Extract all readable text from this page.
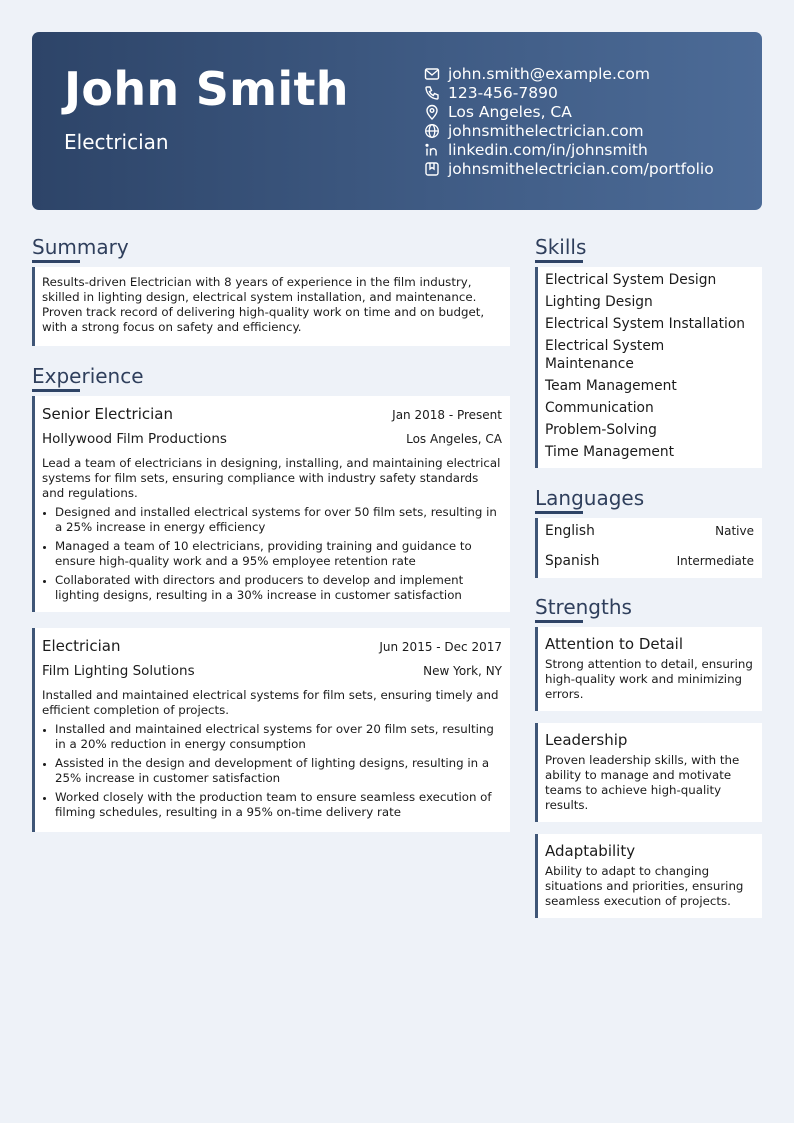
John Smith
Electrician
john.smith@example.com
123-456-7890
Los Angeles, CA
johnsmithelectrician.com
linkedin.com/in/johnsmith
johnsmithelectrician.com/portfolio
Summary

Results-driven Electrician with 8 years of experience in the film industry, skilled in lighting design, electrical system installation, and maintenance. Proven track record of delivering high-quality work on time and on budget, with a strong focus on safety and efficiency.

Experience
Senior Electrician	Jan 2018 - Present
Hollywood Film Productions	Los Angeles, CA

Lead a team of electricians in designing, installing, and maintaining electrical systems for film sets, ensuring compliance with industry safety standards and regulations.

Designed and installed electrical systems for over 50 film sets, resulting in a 25% increase in energy efficiency
Managed a team of 10 electricians, providing training and guidance to ensure high-quality work and a 95% employee retention rate
Collaborated with directors and producers to develop and implement lighting designs, resulting in a 30% increase in customer satisfaction
Electrician	Jun 2015 - Dec 2017
Film Lighting Solutions	New York, NY

Installed and maintained electrical systems for film sets, ensuring timely and efficient completion of projects.

Installed and maintained electrical systems for over 20 film sets, resulting in a 20% reduction in energy consumption
Assisted in the design and development of lighting designs, resulting in a 25% increase in customer satisfaction
Worked closely with the production team to ensure seamless execution of filming schedules, resulting in a 95% on-time delivery rate
Skills
Electrical System Design
Lighting Design
Electrical System Installation
Electrical System Maintenance
Team Management
Communication
Problem-Solving
Time Management
Languages
English	Native
Spanish	Intermediate
Strengths
Attention to Detail

Strong attention to detail, ensuring high-quality work and minimizing errors.

Leadership

Proven leadership skills, with the ability to manage and motivate teams to achieve high-quality results.

Adaptability

Ability to adapt to changing situations and priorities, ensuring seamless execution of projects.
